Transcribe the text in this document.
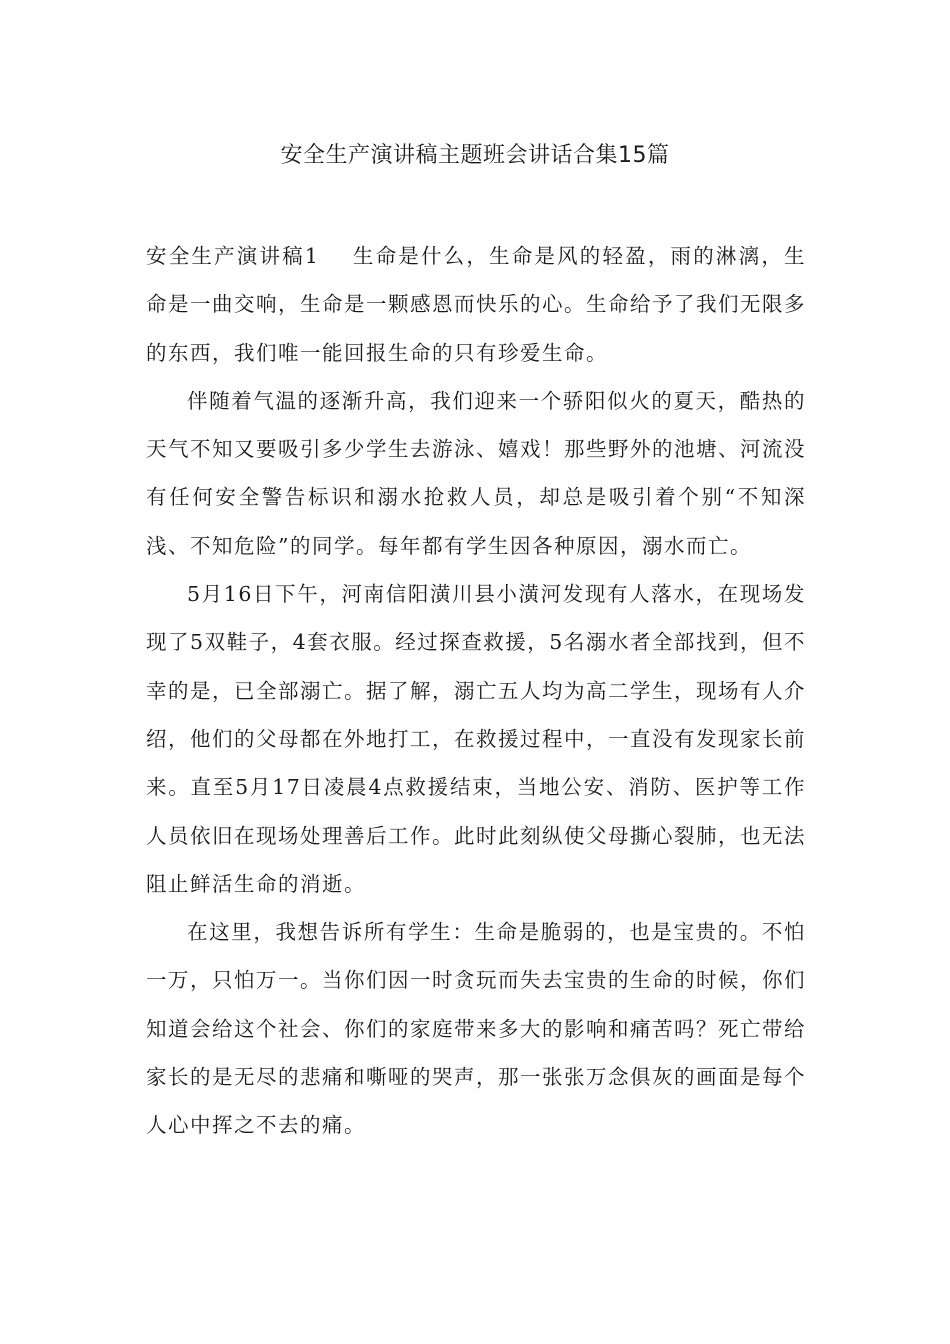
安全生产演讲稿主题班会讲话合集15篇

安全生产演讲稿1 生命是什么，生命是风的轻盈，雨的淋漓，生命是一曲交响，生命是一颗感恩而快乐的心。生命给予了我们无限多的东西，我们唯一能回报生命的只有珍爱生命。

伴随着气温的逐渐升高，我们迎来一个骄阳似火的夏天，酷热的天气不知又要吸引多少学生去游泳、嬉戏！那些野外的池塘、河流没有任何安全警告标识和溺水抢救人员，却总是吸引着个别“不知深浅、不知危险”的同学。每年都有学生因各种原因，溺水而亡。

5月16日下午，河南信阳潢川县小潢河发现有人落水，在现场发现了5双鞋子，4套衣服。经过探查救援，5名溺水者全部找到，但不幸的是，已全部溺亡。据了解，溺亡五人均为高二学生，现场有人介绍，他们的父母都在外地打工，在救援过程中，一直没有发现家长前来。直至5月17日凌晨4点救援结束，当地公安、消防、医护等工作人员依旧在现场处理善后工作。此时此刻纵使父母撕心裂肺，也无法阻止鲜活生命的消逝。

在这里，我想告诉所有学生：生命是脆弱的，也是宝贵的。不怕一万，只怕万一。当你们因一时贪玩而失去宝贵的生命的时候，你们知道会给这个社会、你们的家庭带来多大的影响和痛苦吗？死亡带给家长的是无尽的悲痛和嘶哑的哭声，那一张张万念俱灰的画面是每个人心中挥之不去的痛。
